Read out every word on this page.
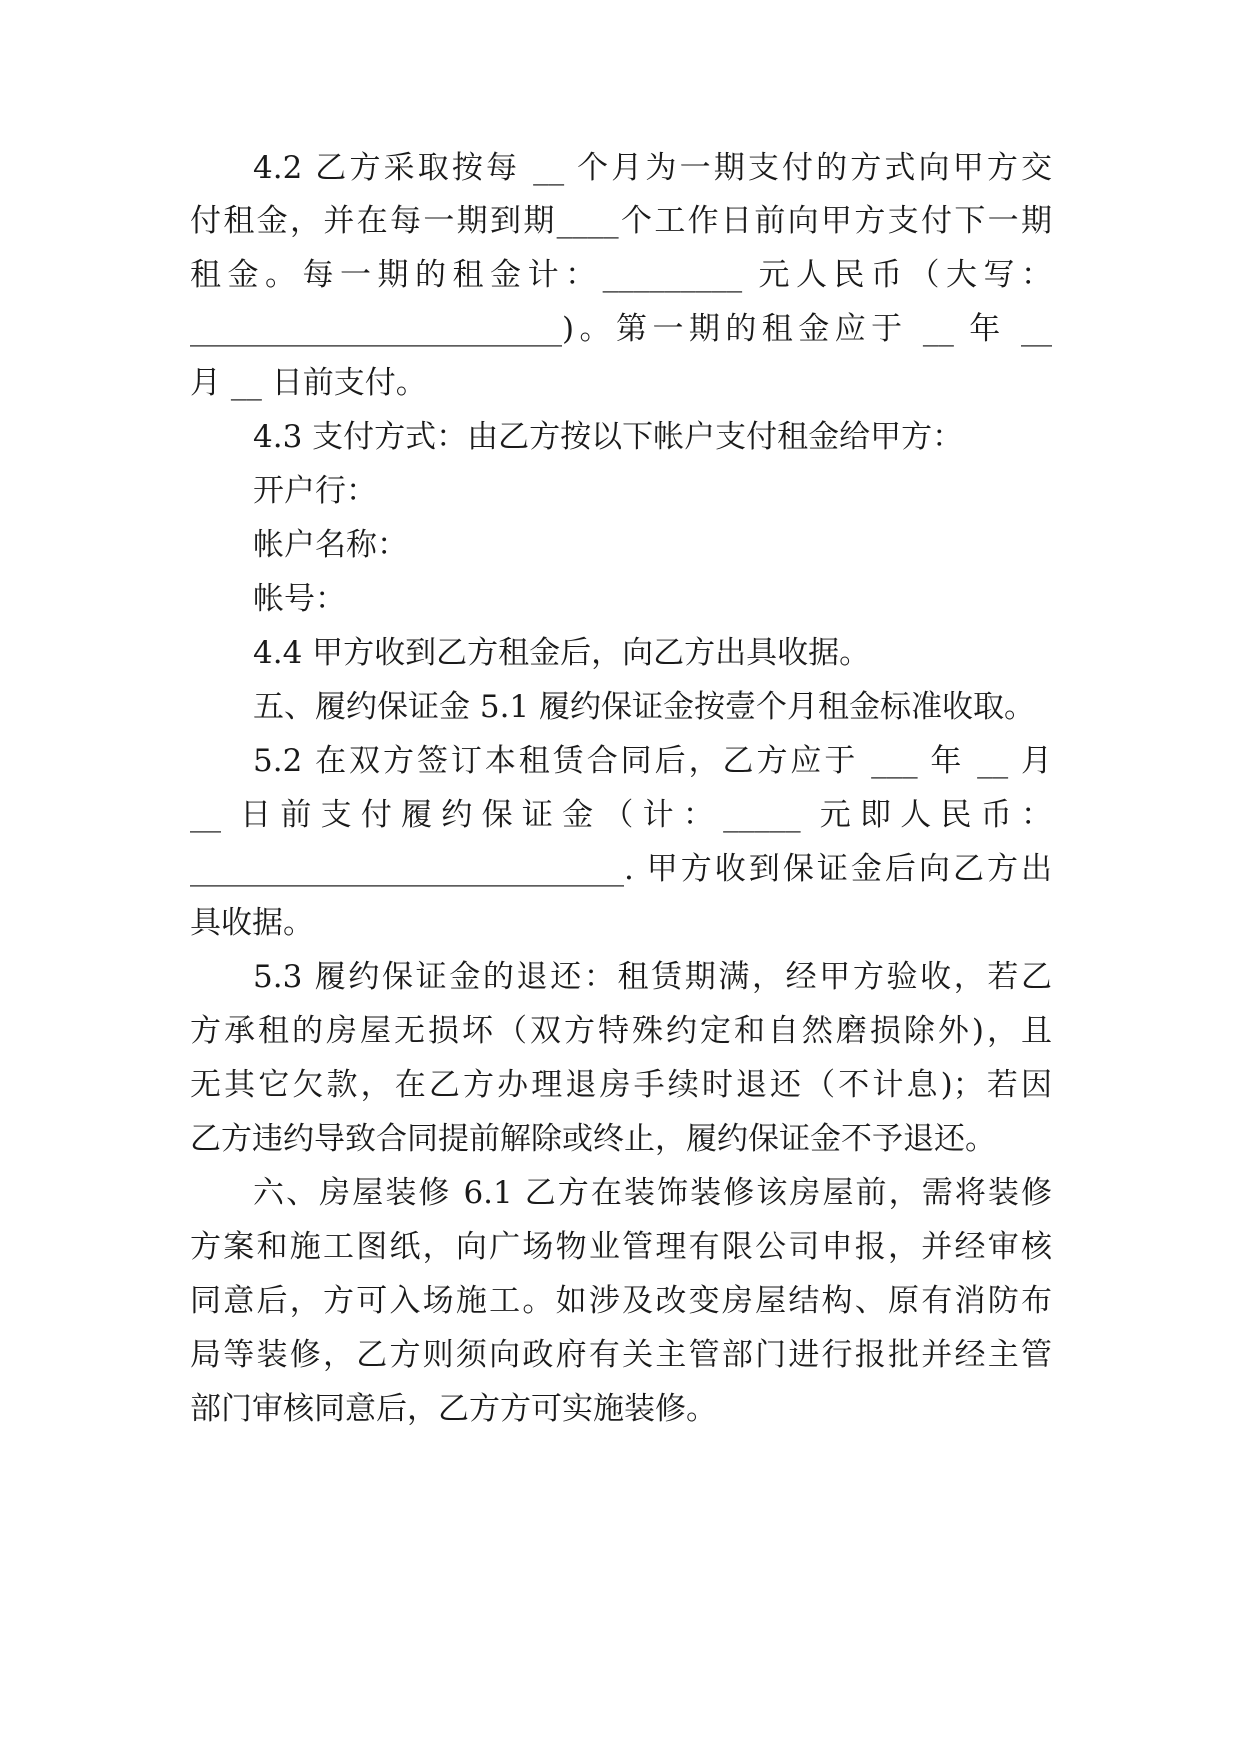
4.2 乙方采取按每 __ 个月为一期支付的方式向甲方交
付租金，并在每一期到期____个工作日前向甲方支付下一期
租金。每一期的租金计：_________ 元人民币（大写：
________________________)。第一期的租金应于 __ 年 __
月 __ 日前支付。
4.3 支付方式：由乙方按以下帐户支付租金给甲方：
开户行：
帐户名称：
帐号：
4.4 甲方收到乙方租金后，向乙方出具收据。
五、履约保证金 5.1 履约保证金按壹个月租金标准收取。
5.2 在双方签订本租赁合同后，乙方应于 ___ 年 __ 月
__ 日前支付履约保证金（计：_____ 元即人民币：
____________________________. 甲方收到保证金后向乙方出
具收据。
5.3 履约保证金的退还：租赁期满，经甲方验收，若乙
方承租的房屋无损坏（双方特殊约定和自然磨损除外)，且
无其它欠款，在乙方办理退房手续时退还（不计息)；若因
乙方违约导致合同提前解除或终止，履约保证金不予退还。
六、房屋装修 6.1 乙方在装饰装修该房屋前，需将装修
方案和施工图纸，向广场物业管理有限公司申报，并经审核
同意后，方可入场施工。如涉及改变房屋结构、原有消防布
局等装修，乙方则须向政府有关主管部门进行报批并经主管
部门审核同意后，乙方方可实施装修。
